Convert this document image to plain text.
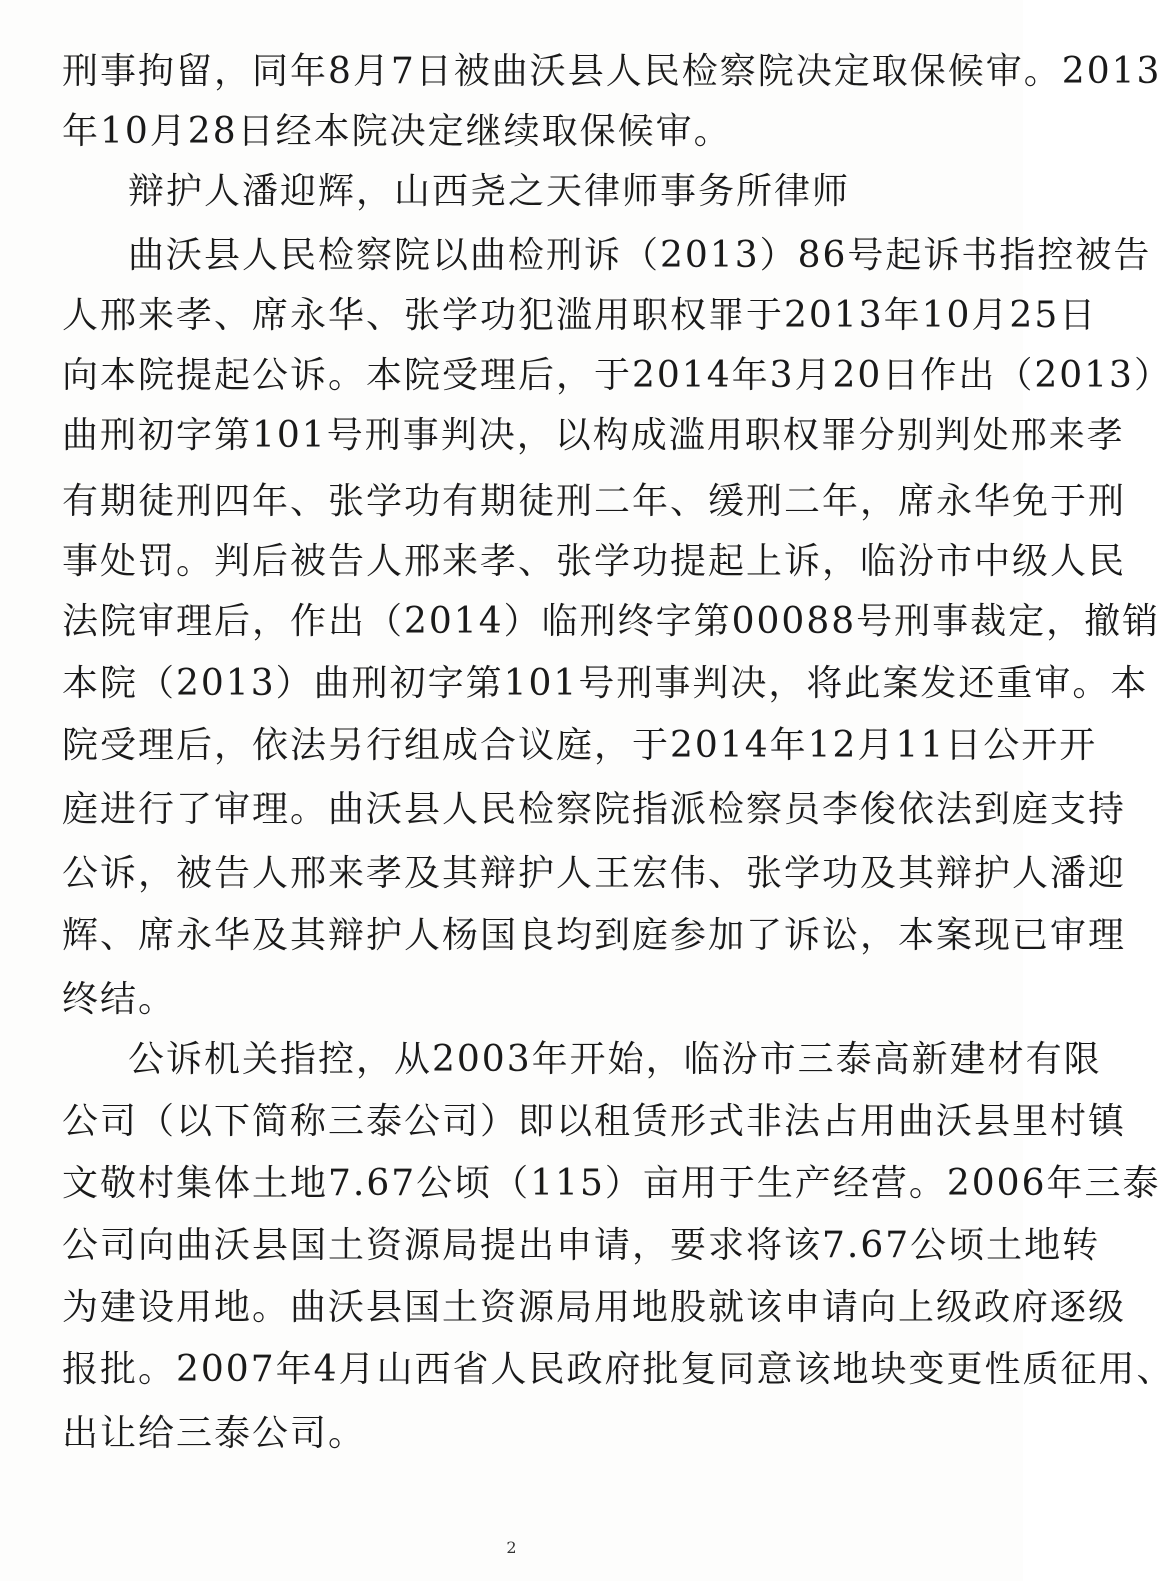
刑事拘留，同年8月7日被曲沃县人民检察院决定取保候审。2013
年10月28日经本院决定继续取保候审。
辩护人潘迎辉，山西尧之天律师事务所律师
曲沃县人民检察院以曲检刑诉（2013）86号起诉书指控被告
人邢来孝、席永华、张学功犯滥用职权罪于2013年10月25日
向本院提起公诉。本院受理后，于2014年3月20日作出（2013）
曲刑初字第101号刑事判决，以构成滥用职权罪分别判处邢来孝
有期徒刑四年、张学功有期徒刑二年、缓刑二年，席永华免于刑
事处罚。判后被告人邢来孝、张学功提起上诉，临汾市中级人民
法院审理后，作出（2014）临刑终字第00088号刑事裁定，撤销
本院（2013）曲刑初字第101号刑事判决，将此案发还重审。本
院受理后，依法另行组成合议庭，于2014年12月11日公开开
庭进行了审理。曲沃县人民检察院指派检察员李俊依法到庭支持
公诉，被告人邢来孝及其辩护人王宏伟、张学功及其辩护人潘迎
辉、席永华及其辩护人杨国良均到庭参加了诉讼，本案现已审理
终结。
公诉机关指控，从2003年开始，临汾市三泰高新建材有限
公司（以下简称三泰公司）即以租赁形式非法占用曲沃县里村镇
文敬村集体土地7.67公顷（115）亩用于生产经营。2006年三泰
公司向曲沃县国土资源局提出申请，要求将该7.67公顷土地转
为建设用地。曲沃县国土资源局用地股就该申请向上级政府逐级
报批。2007年4月山西省人民政府批复同意该地块变更性质征用、
出让给三泰公司。
2
